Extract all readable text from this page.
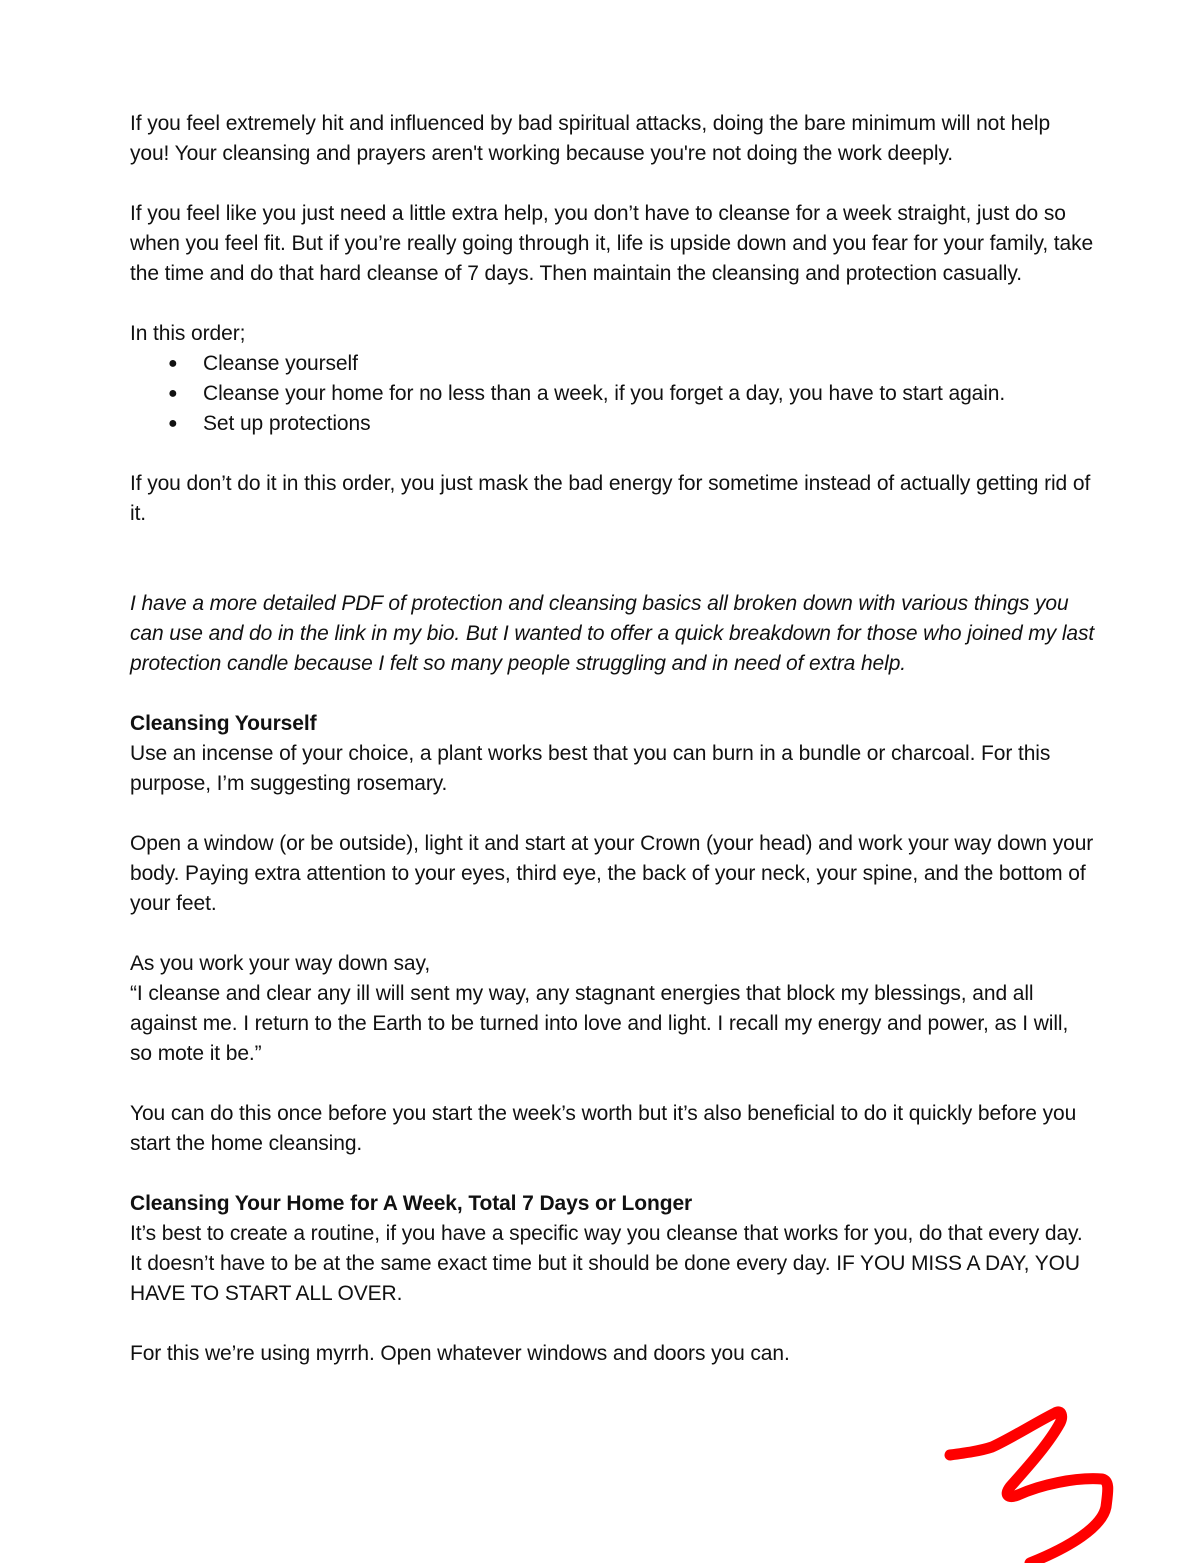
If you feel extremely hit and influenced by bad spiritual attacks, doing the bare minimum will not help you! Your cleansing and prayers aren't working because you're not doing the work deeply.

If you feel like you just need a little extra help, you don’t have to cleanse for a week straight, just do so when you feel fit. But if you’re really going through it, life is upside down and you fear for your family, take the time and do that hard cleanse of 7 days. Then maintain the cleansing and protection casually.

In this order;

● Cleanse yourself
● Cleanse your home for no less than a week, if you forget a day, you have to start again.
● Set up protections

If you don’t do it in this order, you just mask the bad energy for sometime instead of actually getting rid of it.

I have a more detailed PDF of protection and cleansing basics all broken down with various things you can use and do in the link in my bio. But I wanted to offer a quick breakdown for those who joined my last protection candle because I felt so many people struggling and in need of extra help.

Cleansing Yourself

Use an incense of your choice, a plant works best that you can burn in a bundle or charcoal. For this purpose, I’m suggesting rosemary.

Open a window (or be outside), light it and start at your Crown (your head) and work your way down your body. Paying extra attention to your eyes, third eye, the back of your neck, your spine, and the bottom of your feet.

As you work your way down say,

“I cleanse and clear any ill will sent my way, any stagnant energies that block my blessings, and all against me. I return to the Earth to be turned into love and light. I recall my energy and power, as I will, so mote it be.”

You can do this once before you start the week’s worth but it’s also beneficial to do it quickly before you start the home cleansing.

Cleansing Your Home for A Week, Total 7 Days or Longer

It’s best to create a routine, if you have a specific way you cleanse that works for you, do that every day. It doesn’t have to be at the same exact time but it should be done every day. IF YOU MISS A DAY, YOU HAVE TO START ALL OVER.

For this we’re using myrrh. Open whatever windows and doors you can.
